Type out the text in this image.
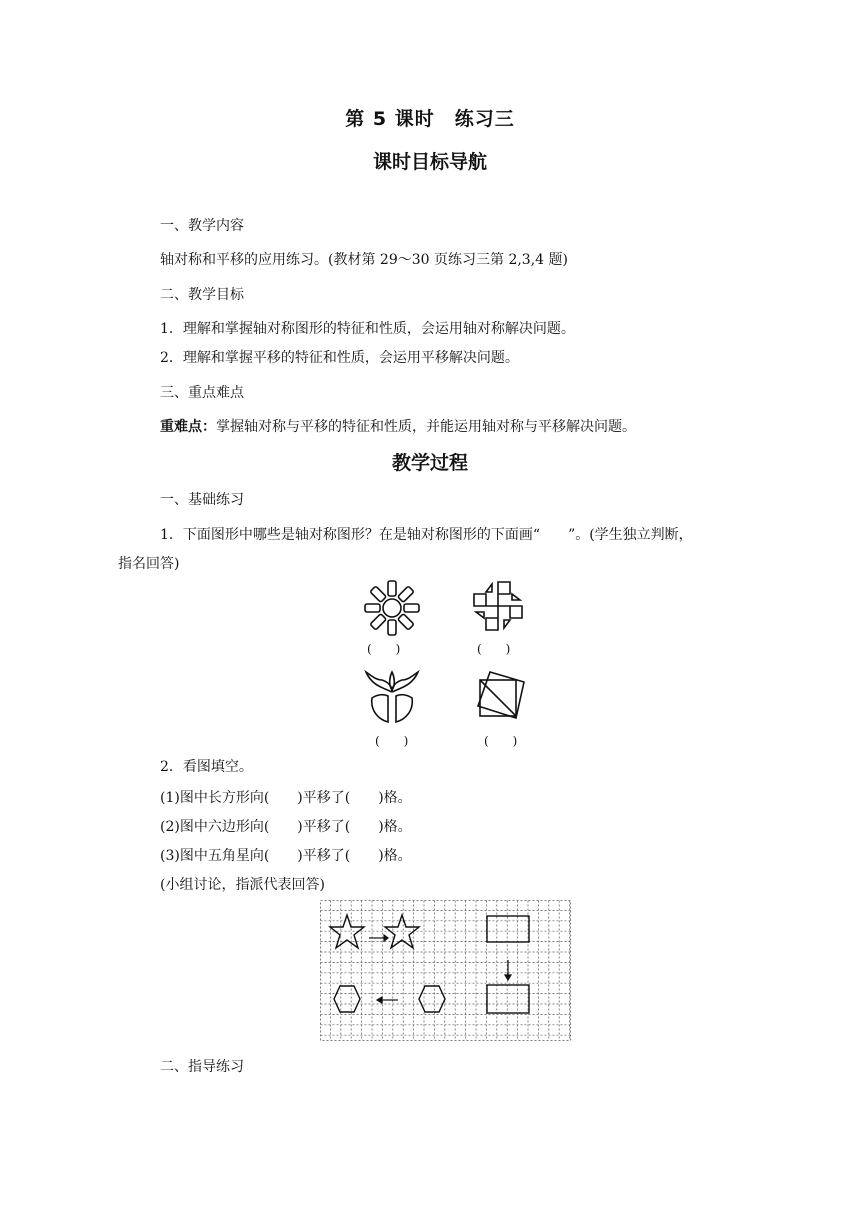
第 5 课时　练习三
课时目标导航
一、教学内容
轴对称和平移的应用练习。(教材第 29～30 页练习三第 2,3,4 题)
二、教学目标
1．理解和掌握轴对称图形的特征和性质，会运用轴对称解决问题。
2．理解和掌握平移的特征和性质，会运用平移解决问题。
三、重点难点
重难点：掌握轴对称与平移的特征和性质，并能运用轴对称与平移解决问题。
教学过程
一、基础练习
1．下面图形中哪些是轴对称图形？在是轴对称图形的下面画“　　”。(学生独立判断，
指名回答)
(　　)	(　　)
(　　)	(　　)
2．看图填空。
(1)图中长方形向(　　)平移了(　　)格。
(2)图中六边形向(　　)平移了(　　)格。
(3)图中五角星向(　　)平移了(　　)格。
(小组讨论，指派代表回答)
二、指导练习
